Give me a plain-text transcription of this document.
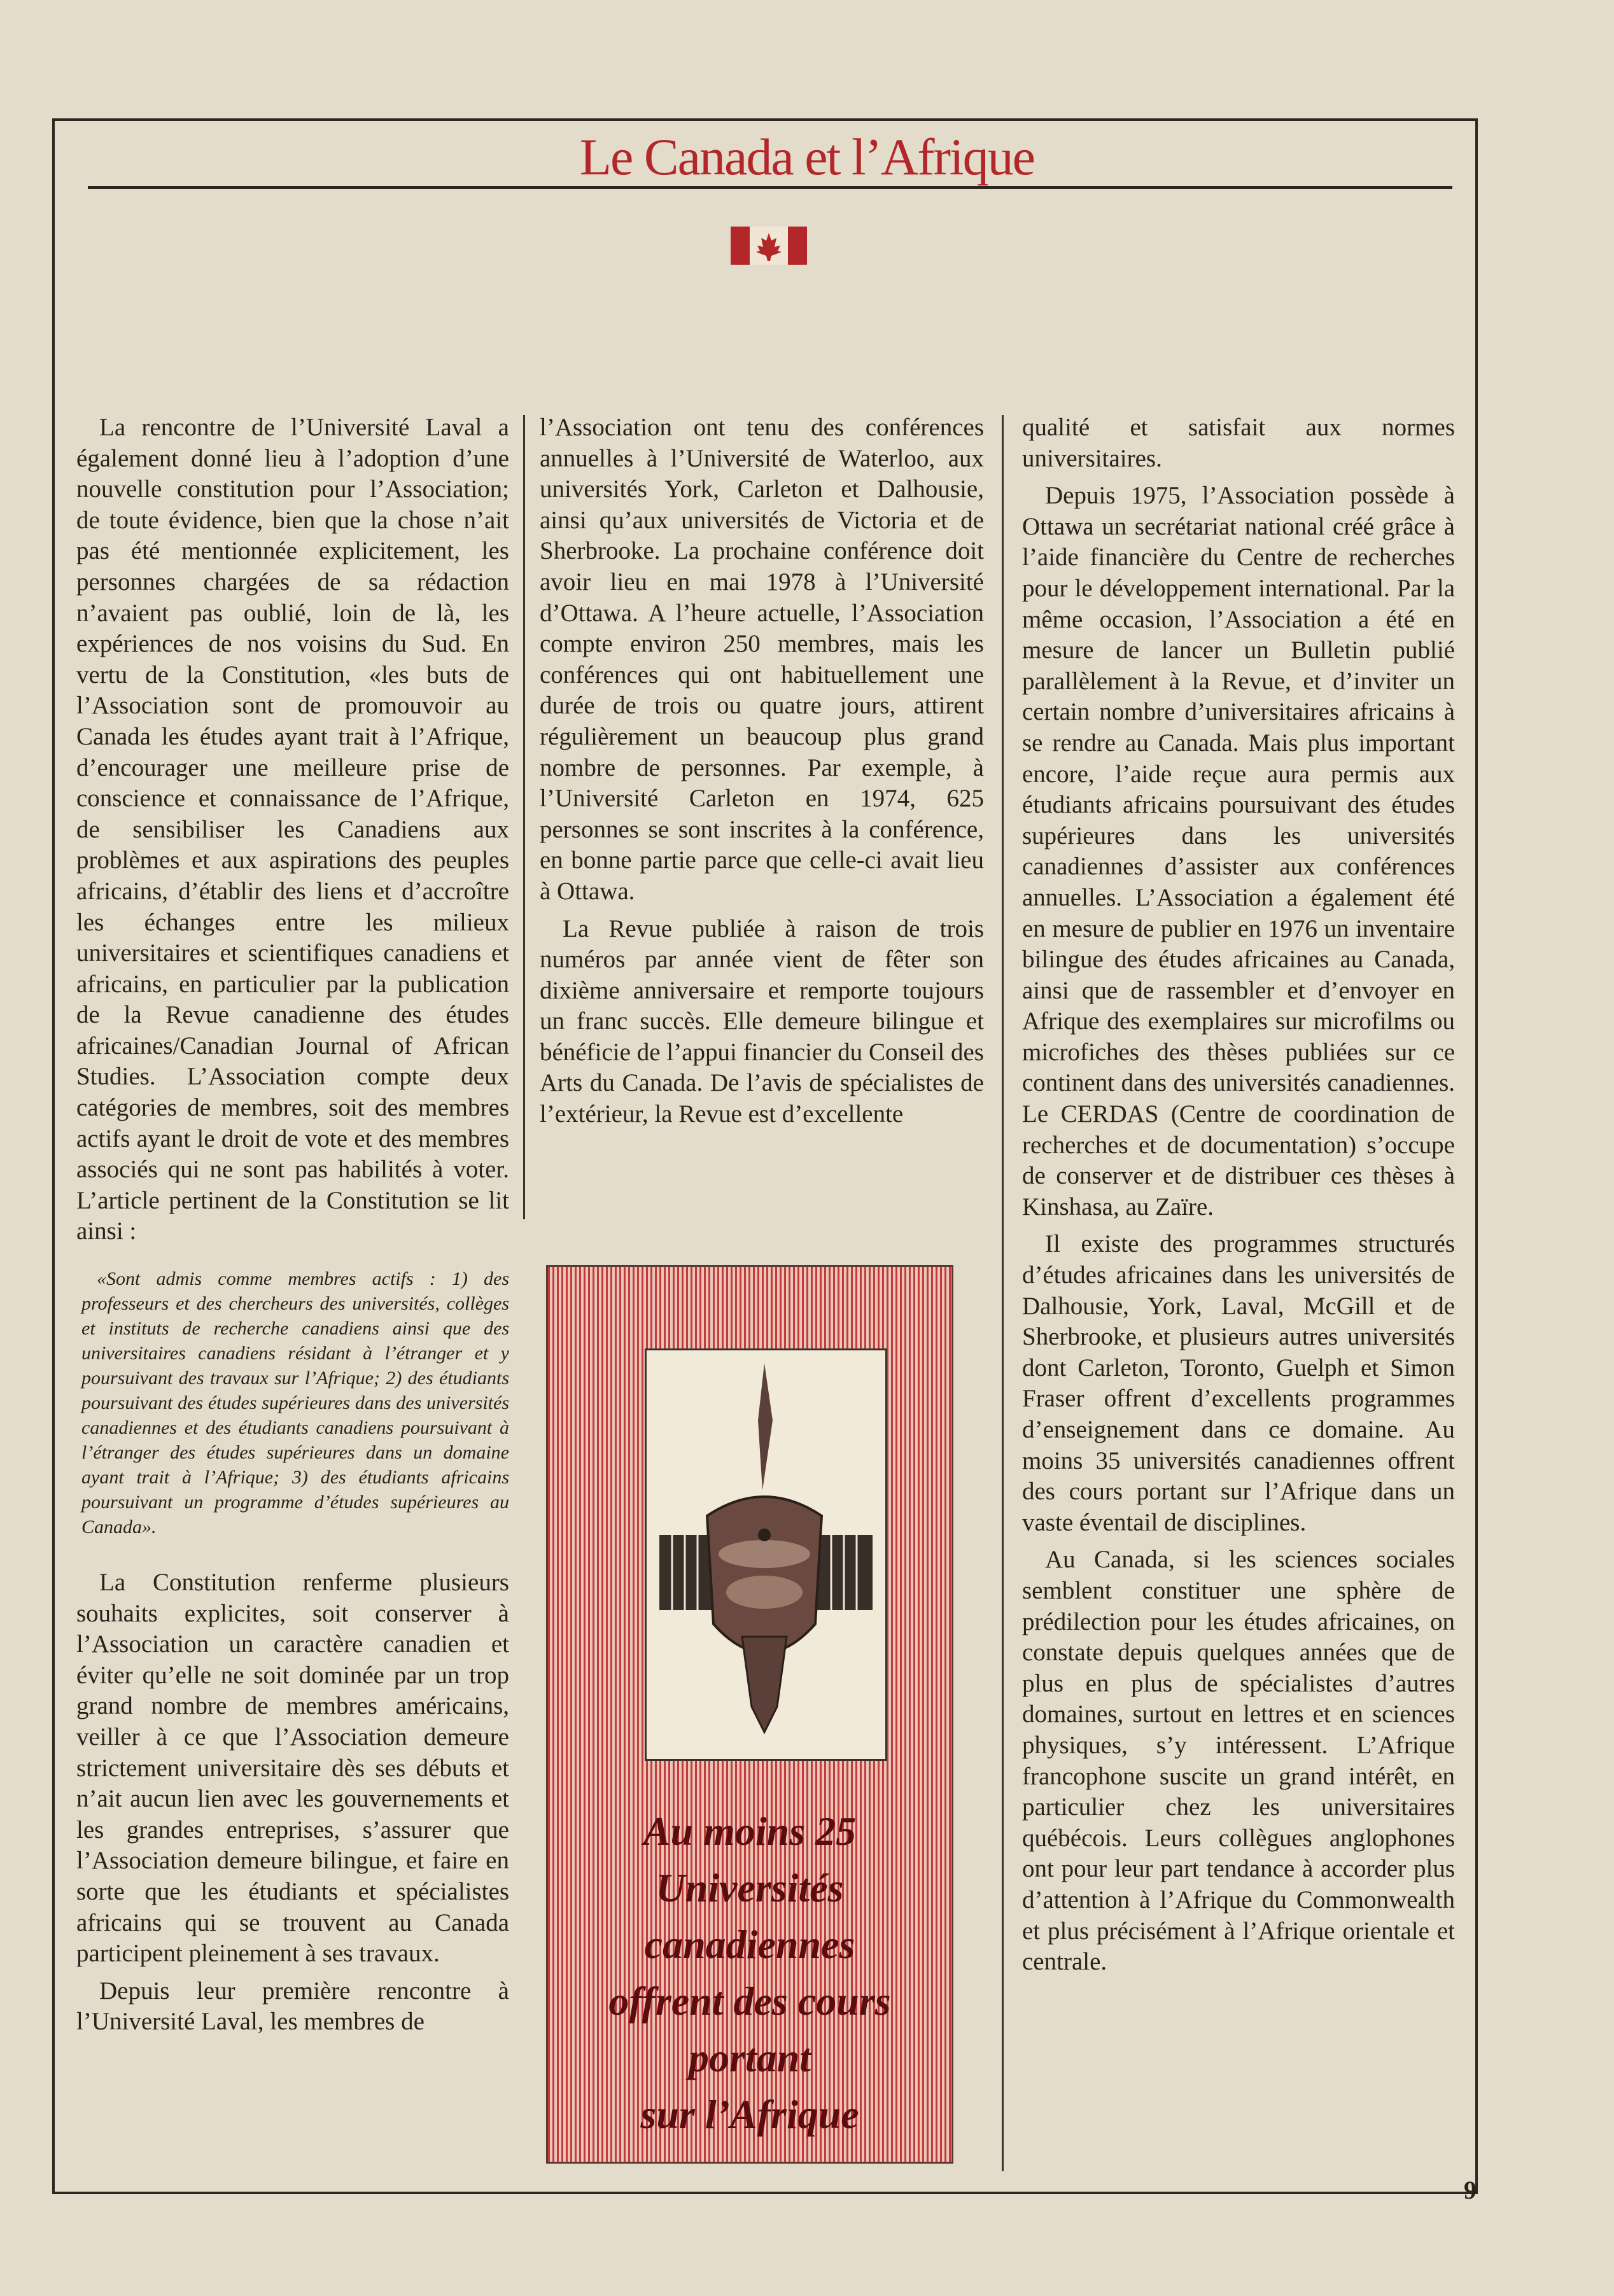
Le Canada et l’Afrique

La rencontre de l’Université Laval a également donné lieu à l’adoption d’une nouvelle constitution pour l’Association; de toute évidence, bien que la chose n’ait pas été mentionnée explicitement, les personnes chargées de sa rédaction n’avaient pas oublié, loin de là, les expériences de nos voisins du Sud. En vertu de la Constitution, «les buts de l’Association sont de promouvoir au Canada les études ayant trait à l’Afrique, d’encourager une meilleure prise de conscience et connaissance de l’Afrique, de sensibiliser les Canadiens aux problèmes et aux aspirations des peuples africains, d’établir des liens et d’accroître les échanges entre les milieux universitaires et scientifiques canadiens et africains, en particulier par la publication de la Revue canadienne des études africaines/Canadian Journal of African Studies. L’Association compte deux catégories de membres, soit des membres actifs ayant le droit de vote et des membres associés qui ne sont pas habilités à voter. L’article pertinent de la Constitution se lit ainsi :

«Sont admis comme membres actifs : 1) des professeurs et des chercheurs des universités, collèges et instituts de recherche canadiens ainsi que des universitaires canadiens résidant à l’étranger et y poursuivant des travaux sur l’Afrique; 2) des étudiants poursuivant des études supérieures dans des universités canadiennes et des étudiants canadiens poursuivant à l’étranger des études supérieures dans un domaine ayant trait à l’Afrique; 3) des étudiants africains poursuivant un programme d’études supérieures au Canada».

La Constitution renferme plusieurs souhaits explicites, soit conserver à l’Association un caractère canadien et éviter qu’elle ne soit dominée par un trop grand nombre de membres américains, veiller à ce que l’Association demeure strictement universitaire dès ses débuts et n’ait aucun lien avec les gouvernements et les grandes entreprises, s’assurer que l’Association demeure bilingue, et faire en sorte que les étudiants et spécialistes africains qui se trouvent au Canada participent pleinement à ses travaux.

Depuis leur première rencontre à l’Université Laval, les membres de

l’Association ont tenu des conférences annuelles à l’Université de Waterloo, aux universités York, Carleton et Dalhousie, ainsi qu’aux universités de Victoria et de Sherbrooke. La prochaine conférence doit avoir lieu en mai 1978 à l’Université d’Ottawa. A l’heure actuelle, l’Association compte environ 250 membres, mais les conférences qui ont habituellement une durée de trois ou quatre jours, attirent régulièrement un beaucoup plus grand nombre de personnes. Par exemple, à l’Université Carleton en 1974, 625 personnes se sont inscrites à la conférence, en bonne partie parce que celle-ci avait lieu à Ottawa.

La Revue publiée à raison de trois numéros par année vient de fêter son dixième anniversaire et remporte toujours un franc succès. Elle demeure bilingue et bénéficie de l’appui financier du Conseil des Arts du Canada. De l’avis de spécialistes de l’extérieur, la Revue est d’excellente

qualité et satisfait aux normes universitaires.

Depuis 1975, l’Association possède à Ottawa un secrétariat national créé grâce à l’aide financière du Centre de recherches pour le développement international. Par la même occasion, l’Association a été en mesure de lancer un Bulletin publié parallèlement à la Revue, et d’inviter un certain nombre d’universitaires africains à se rendre au Canada. Mais plus important encore, l’aide reçue aura permis aux étudiants africains poursuivant des études supérieures dans les universités canadiennes d’assister aux conférences annuelles. L’Association a également été en mesure de publier en 1976 un inventaire bilingue des études africaines au Canada, ainsi que de rassembler et d’envoyer en Afrique des exemplaires sur microfilms ou microfiches des thèses publiées sur ce continent dans des universités canadiennes. Le CERDAS (Centre de coordination de recherches et de documentation) s’occupe de conserver et de distribuer ces thèses à Kinshasa, au Zaïre.

Il existe des programmes structurés d’études africaines dans les universités de Dalhousie, York, Laval, McGill et de Sherbrooke, et plusieurs autres universités dont Carleton, Toronto, Guelph et Simon Fraser offrent d’excellents programmes d’enseignement dans ce domaine. Au moins 35 universités canadiennes offrent des cours portant sur l’Afrique dans un vaste éventail de disciplines.

Au Canada, si les sciences sociales semblent constituer une sphère de prédilection pour les études africaines, on constate depuis quelques années que de plus en plus de spécialistes d’autres domaines, surtout en lettres et en sciences physiques, s’y intéressent. L’Afrique francophone suscite un grand intérêt, en particulier chez les universitaires québécois. Leurs collègues anglophones ont pour leur part tendance à accorder plus d’attention à l’Afrique du Commonwealth et plus précisément à l’Afrique orientale et centrale.

Au moins 25
Universités
canadiennes
offrent des cours
portant
sur l’Afrique
9
